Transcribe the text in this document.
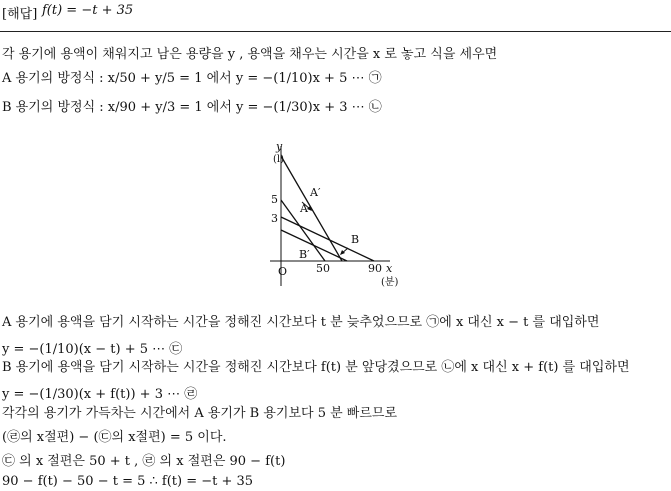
[해답] f(t) = −t + 35
각 용기에 용액이 채워지고 남은 용량을 y , 용액을 채우는 시간을 x 로 놓고 식을 세우면
A 용기의 방정식 : x/50 + y/5 = 1 에서 y = −(1/10)x + 5 ⋯ ㉠
B 용기의 방정식 : x/90 + y/3 = 1 에서 y = −(1/30)x + 3 ⋯ ㉡
y
(l)
5
3
O	50	90 x
(분)
A′
A
B
B′
A 용기에 용액을 담기 시작하는 시간을 정해진 시간보다 t 분 늦추었으므로 ㉠에 x 대신 x − t 를 대입하면
y = −(1/10)(x − t) + 5 ⋯ ㉢
B 용기에 용액을 담기 시작하는 시간을 정해진 시간보다 f(t) 분 앞당겼으므로 ㉡에 x 대신 x + f(t) 를 대입하면
y = −(1/30)(x + f(t)) + 3 ⋯ ㉣
각각의 용기가 가득차는 시간에서 A 용기가 B 용기보다 5 분 빠르므로
(㉣의 x절편) − (㉢의 x절편) = 5 이다.
㉢ 의 x 절편은 50 + t , ㉣ 의 x 절편은 90 − f(t)
90 − f(t) − 50 − t = 5 ∴ f(t) = −t + 35
